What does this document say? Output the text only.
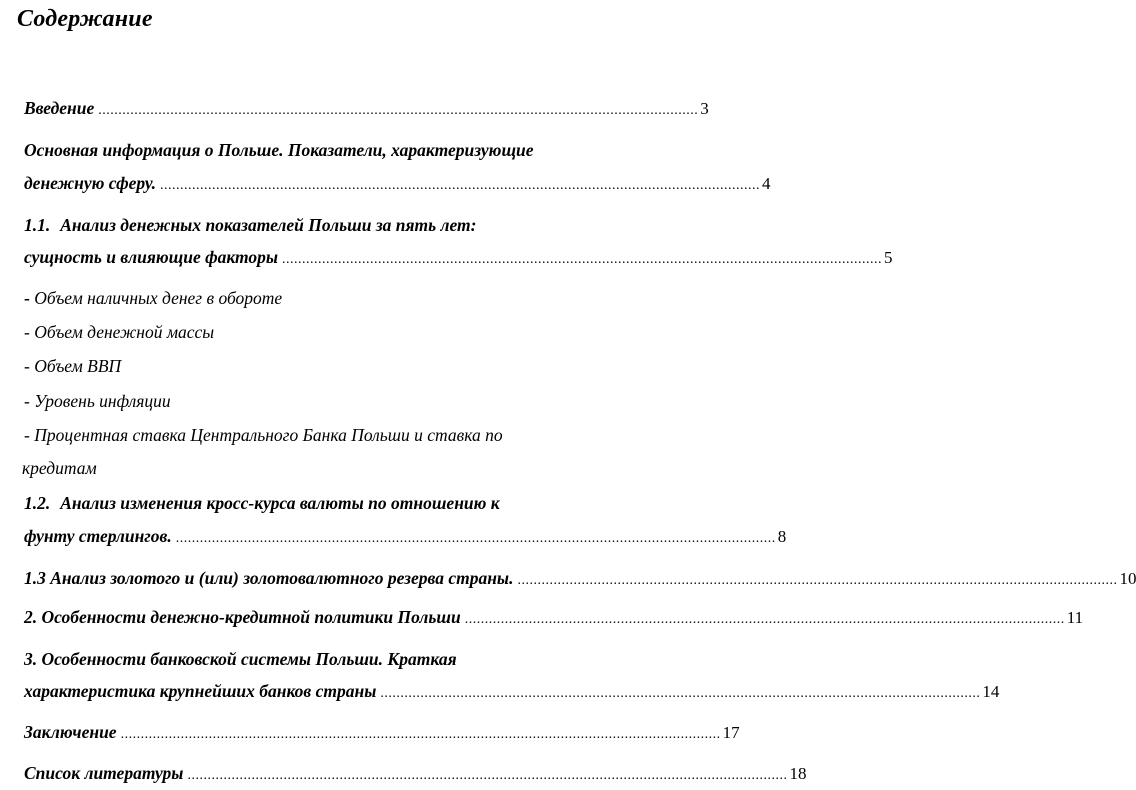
Содержание
Введение ...................................................................................................................................................... 3
Основная информация о Польше. Показатели, характеризующие
денежную сферу. ...................................................................................................................................................... 4
1.1. Анализ денежных показателей Польши за пять лет:
сущность и влияющие факторы ...................................................................................................................................................... 5
- Объем наличных денег в обороте
- Объем денежной массы
- Объем ВВП
- Уровень инфляции
- Процентная ставка Центрального Банка Польши и ставка по
кредитам
1.2. Анализ изменения кросс-курса валюты по отношению к
фунту стерлингов. ...................................................................................................................................................... 8
1.3 Анализ золотого и (или) золотовалютного резерва страны. ...................................................................................................................................................... 10
2. Особенности денежно-кредитной политики Польши ...................................................................................................................................................... 11
3. Особенности банковской системы Польши. Краткая
характеристика крупнейших банков страны ...................................................................................................................................................... 14
Заключение ...................................................................................................................................................... 17
Список литературы ...................................................................................................................................................... 18
